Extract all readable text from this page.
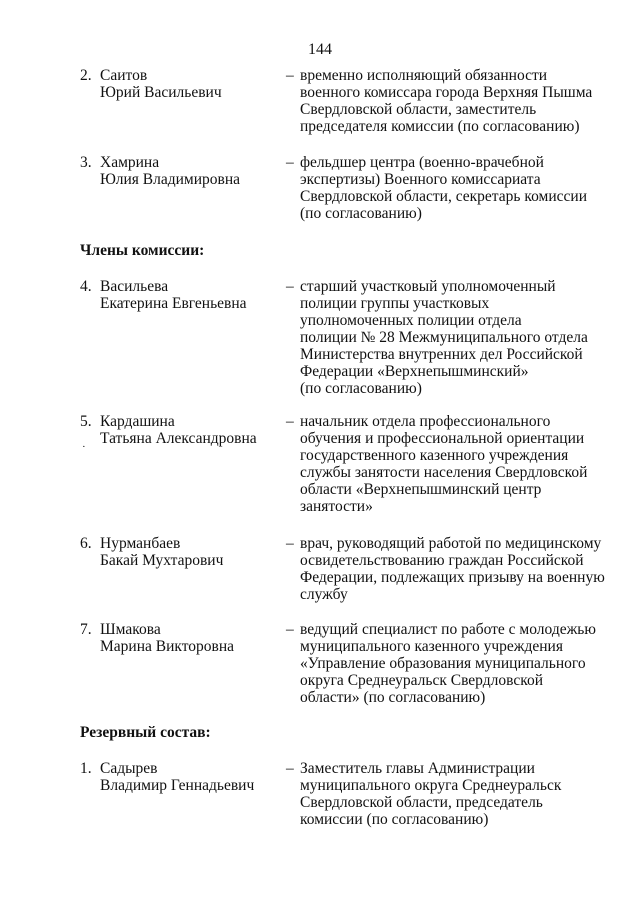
144
2. Саитов
Юрий Васильевич
– временно исполняющий обязанности
военного комиссара города Верхняя Пышма
Свердловской области, заместитель
председателя комиссии (по согласованию)
3. Хамрина
Юлия Владимировна
– фельдшер центра (военно-врачебной
экспертизы) Военного комиссариата
Свердловской области, секретарь комиссии
(по согласованию)
Члены комиссии:
4. Васильева
Екатерина Евгеньевна
– старший участковый уполномоченный
полиции группы участковых
уполномоченных полиции отдела
полиции № 28 Межмуниципального отдела
Министерства внутренних дел Российской
Федерации «Верхнепышминский»
(по согласованию)
5. Кардашина
Татьяна Александровна
– начальник отдела профессионального
обучения и профессиональной ориентации
государственного казенного учреждения
службы занятости населения Свердловской
области «Верхнепышминский центр
занятости»
6. Нурманбаев
Бакай Мухтарович
– врач, руководящий работой по медицинскому
освидетельствованию граждан Российской
Федерации, подлежащих призыву на военную
службу
7. Шмакова
Марина Викторовна
– ведущий специалист по работе с молодежью
муниципального казенного учреждения
«Управление образования муниципального
округа Среднеуральск Свердловской
области» (по согласованию)
·
Резервный состав:
1. Садырев
Владимир Геннадьевич
– Заместитель главы Администрации
муниципального округа Среднеуральск
Свердловской области, председатель
комиссии (по согласованию)
